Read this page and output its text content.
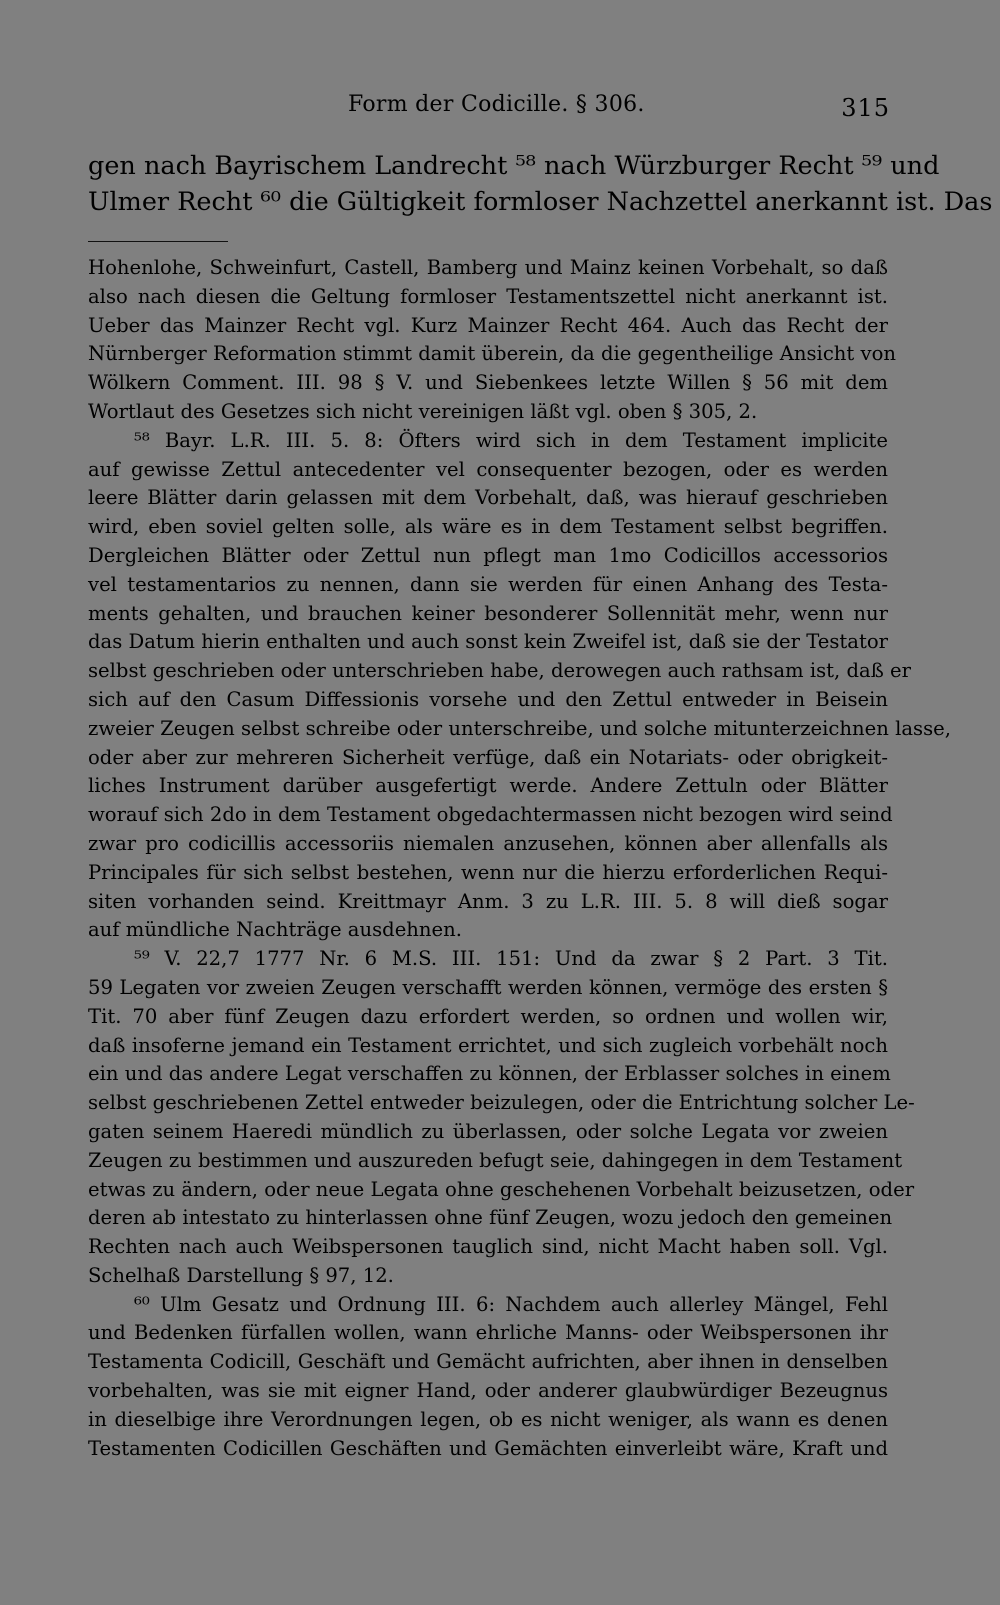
Form der Codicille. § 306.	315
gen nach Bayrischem Landrecht ⁵⁸ nach Würzburger Recht ⁵⁹ und
Ulmer Recht ⁶⁰ die Gültigkeit formloser Nachzettel anerkannt ist. Das
Hohenlohe, Schweinfurt, Castell, Bamberg und Mainz keinen Vorbehalt, so daß
also nach diesen die Geltung formloser Testamentszettel nicht anerkannt ist.
Ueber das Mainzer Recht vgl. Kurz Mainzer Recht 464. Auch das Recht der
Nürnberger Reformation stimmt damit überein, da die gegentheilige Ansicht von
Wölkern Comment. III. 98 § V. und Siebenkees letzte Willen § 56 mit dem
Wortlaut des Gesetzes sich nicht vereinigen läßt vgl. oben § 305, 2.
⁵⁸ Bayr. L.R. III. 5. 8: Öfters wird sich in dem Testament implicite
auf gewisse Zettul antecedenter vel consequenter bezogen, oder es werden
leere Blätter darin gelassen mit dem Vorbehalt, daß, was hierauf geschrieben
wird, eben soviel gelten solle, als wäre es in dem Testament selbst begriffen.
Dergleichen Blätter oder Zettul nun pflegt man 1mo Codicillos accessorios
vel testamentarios zu nennen, dann sie werden für einen Anhang des Testa-
ments gehalten, und brauchen keiner besonderer Sollennität mehr, wenn nur
das Datum hierin enthalten und auch sonst kein Zweifel ist, daß sie der Testator
selbst geschrieben oder unterschrieben habe, derowegen auch rathsam ist, daß er
sich auf den Casum Diffessionis vorsehe und den Zettul entweder in Beisein
zweier Zeugen selbst schreibe oder unterschreibe, und solche mitunterzeichnen lasse,
oder aber zur mehreren Sicherheit verfüge, daß ein Notariats- oder obrigkeit-
liches Instrument darüber ausgefertigt werde. Andere Zettuln oder Blätter
worauf sich 2do in dem Testament obgedachtermassen nicht bezogen wird seind
zwar pro codicillis accessoriis niemalen anzusehen, können aber allenfalls als
Principales für sich selbst bestehen, wenn nur die hierzu erforderlichen Requi-
siten vorhanden seind. Kreittmayr Anm. 3 zu L.R. III. 5. 8 will dieß sogar
auf mündliche Nachträge ausdehnen.
⁵⁹ V. 22,7 1777 Nr. 6 M.S. III. 151: Und da zwar § 2 Part. 3 Tit.
59 Legaten vor zweien Zeugen verschafft werden können, vermöge des ersten §
Tit. 70 aber fünf Zeugen dazu erfordert werden, so ordnen und wollen wir,
daß insoferne jemand ein Testament errichtet, und sich zugleich vorbehält noch
ein und das andere Legat verschaffen zu können, der Erblasser solches in einem
selbst geschriebenen Zettel entweder beizulegen, oder die Entrichtung solcher Le-
gaten seinem Haeredi mündlich zu überlassen, oder solche Legata vor zweien
Zeugen zu bestimmen und auszureden befugt seie, dahingegen in dem Testament
etwas zu ändern, oder neue Legata ohne geschehenen Vorbehalt beizusetzen, oder
deren ab intestato zu hinterlassen ohne fünf Zeugen, wozu jedoch den gemeinen
Rechten nach auch Weibspersonen tauglich sind, nicht Macht haben soll. Vgl.
Schelhaß Darstellung § 97, 12.
⁶⁰ Ulm Gesatz und Ordnung III. 6: Nachdem auch allerley Mängel, Fehl
und Bedenken fürfallen wollen, wann ehrliche Manns- oder Weibspersonen ihr
Testamenta Codicill, Geschäft und Gemächt aufrichten, aber ihnen in denselben
vorbehalten, was sie mit eigner Hand, oder anderer glaubwürdiger Bezeugnus
in dieselbige ihre Verordnungen legen, ob es nicht weniger, als wann es denen
Testamenten Codicillen Geschäften und Gemächten einverleibt wäre, Kraft und
